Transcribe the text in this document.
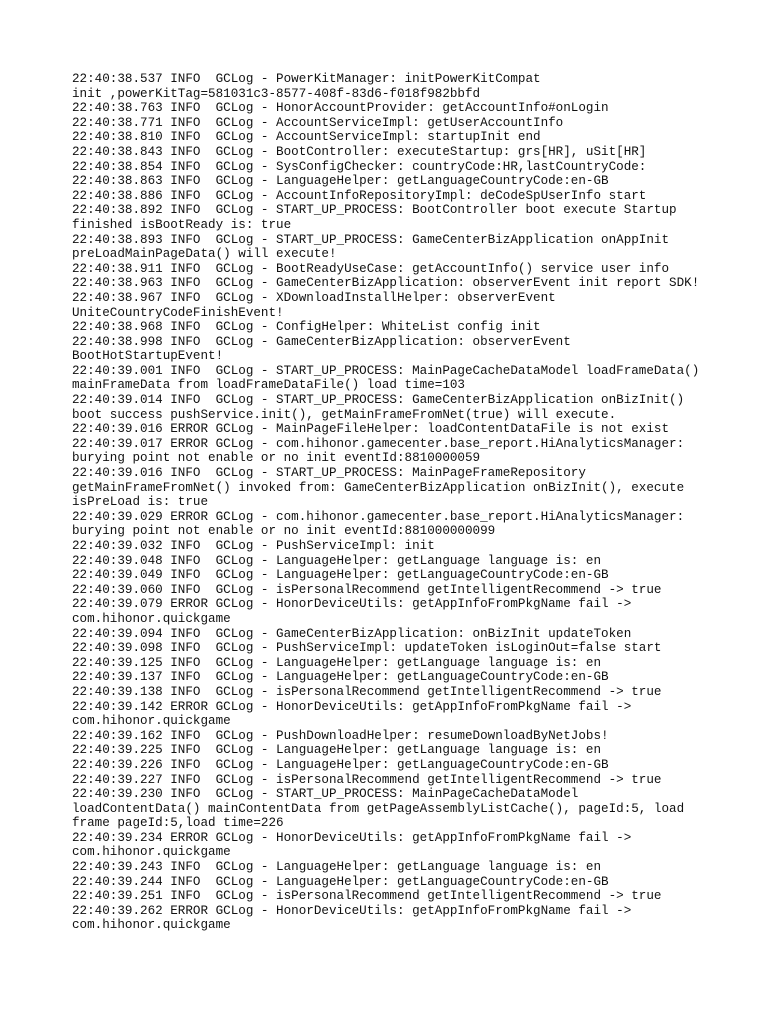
22:40:38.537 INFO  GCLog - PowerKitManager: initPowerKitCompat

init ,powerKitTag=581031c3-8577-408f-83d6-f018f982bbfd

22:40:38.763 INFO  GCLog - HonorAccountProvider: getAccountInfo#onLogin

22:40:38.771 INFO  GCLog - AccountServiceImpl: getUserAccountInfo

22:40:38.810 INFO  GCLog - AccountServiceImpl: startupInit end

22:40:38.843 INFO  GCLog - BootController: executeStartup: grs[HR], uSit[HR]

22:40:38.854 INFO  GCLog - SysConfigChecker: countryCode:HR,lastCountryCode:

22:40:38.863 INFO  GCLog - LanguageHelper: getLanguageCountryCode:en-GB

22:40:38.886 INFO  GCLog - AccountInfoRepositoryImpl: deCodeSpUserInfo start

22:40:38.892 INFO  GCLog - START_UP_PROCESS: BootController boot execute Startup

finished isBootReady is: true

22:40:38.893 INFO  GCLog - START_UP_PROCESS: GameCenterBizApplication onAppInit

preLoadMainPageData() will execute!

22:40:38.911 INFO  GCLog - BootReadyUseCase: getAccountInfo() service user info

22:40:38.963 INFO  GCLog - GameCenterBizApplication: observerEvent init report SDK!

22:40:38.967 INFO  GCLog - XDownloadInstallHelper: observerEvent

UniteCountryCodeFinishEvent!

22:40:38.968 INFO  GCLog - ConfigHelper: WhiteList config init

22:40:38.998 INFO  GCLog - GameCenterBizApplication: observerEvent

BootHotStartupEvent!

22:40:39.001 INFO  GCLog - START_UP_PROCESS: MainPageCacheDataModel loadFrameData()

mainFrameData from loadFrameDataFile() load time=103

22:40:39.014 INFO  GCLog - START_UP_PROCESS: GameCenterBizApplication onBizInit()

boot success pushService.init(), getMainFrameFromNet(true) will execute.

22:40:39.016 ERROR GCLog - MainPageFileHelper: loadContentDataFile is not exist

22:40:39.017 ERROR GCLog - com.hihonor.gamecenter.base_report.HiAnalyticsManager:

burying point not enable or no init eventId:8810000059

22:40:39.016 INFO  GCLog - START_UP_PROCESS: MainPageFrameRepository

getMainFrameFromNet() invoked from: GameCenterBizApplication onBizInit(), execute

isPreLoad is: true

22:40:39.029 ERROR GCLog - com.hihonor.gamecenter.base_report.HiAnalyticsManager:

burying point not enable or no init eventId:881000000099

22:40:39.032 INFO  GCLog - PushServiceImpl: init

22:40:39.048 INFO  GCLog - LanguageHelper: getLanguage language is: en

22:40:39.049 INFO  GCLog - LanguageHelper: getLanguageCountryCode:en-GB

22:40:39.060 INFO  GCLog - isPersonalRecommend getIntelligentRecommend -> true

22:40:39.079 ERROR GCLog - HonorDeviceUtils: getAppInfoFromPkgName fail ->

com.hihonor.quickgame

22:40:39.094 INFO  GCLog - GameCenterBizApplication: onBizInit updateToken

22:40:39.098 INFO  GCLog - PushServiceImpl: updateToken isLoginOut=false start

22:40:39.125 INFO  GCLog - LanguageHelper: getLanguage language is: en

22:40:39.137 INFO  GCLog - LanguageHelper: getLanguageCountryCode:en-GB

22:40:39.138 INFO  GCLog - isPersonalRecommend getIntelligentRecommend -> true

22:40:39.142 ERROR GCLog - HonorDeviceUtils: getAppInfoFromPkgName fail ->

com.hihonor.quickgame

22:40:39.162 INFO  GCLog - PushDownloadHelper: resumeDownloadByNetJobs!

22:40:39.225 INFO  GCLog - LanguageHelper: getLanguage language is: en

22:40:39.226 INFO  GCLog - LanguageHelper: getLanguageCountryCode:en-GB

22:40:39.227 INFO  GCLog - isPersonalRecommend getIntelligentRecommend -> true

22:40:39.230 INFO  GCLog - START_UP_PROCESS: MainPageCacheDataModel

loadContentData() mainContentData from getPageAssemblyListCache(), pageId:5, load

frame pageId:5,load time=226

22:40:39.234 ERROR GCLog - HonorDeviceUtils: getAppInfoFromPkgName fail ->

com.hihonor.quickgame

22:40:39.243 INFO  GCLog - LanguageHelper: getLanguage language is: en

22:40:39.244 INFO  GCLog - LanguageHelper: getLanguageCountryCode:en-GB

22:40:39.251 INFO  GCLog - isPersonalRecommend getIntelligentRecommend -> true

22:40:39.262 ERROR GCLog - HonorDeviceUtils: getAppInfoFromPkgName fail ->

com.hihonor.quickgame
